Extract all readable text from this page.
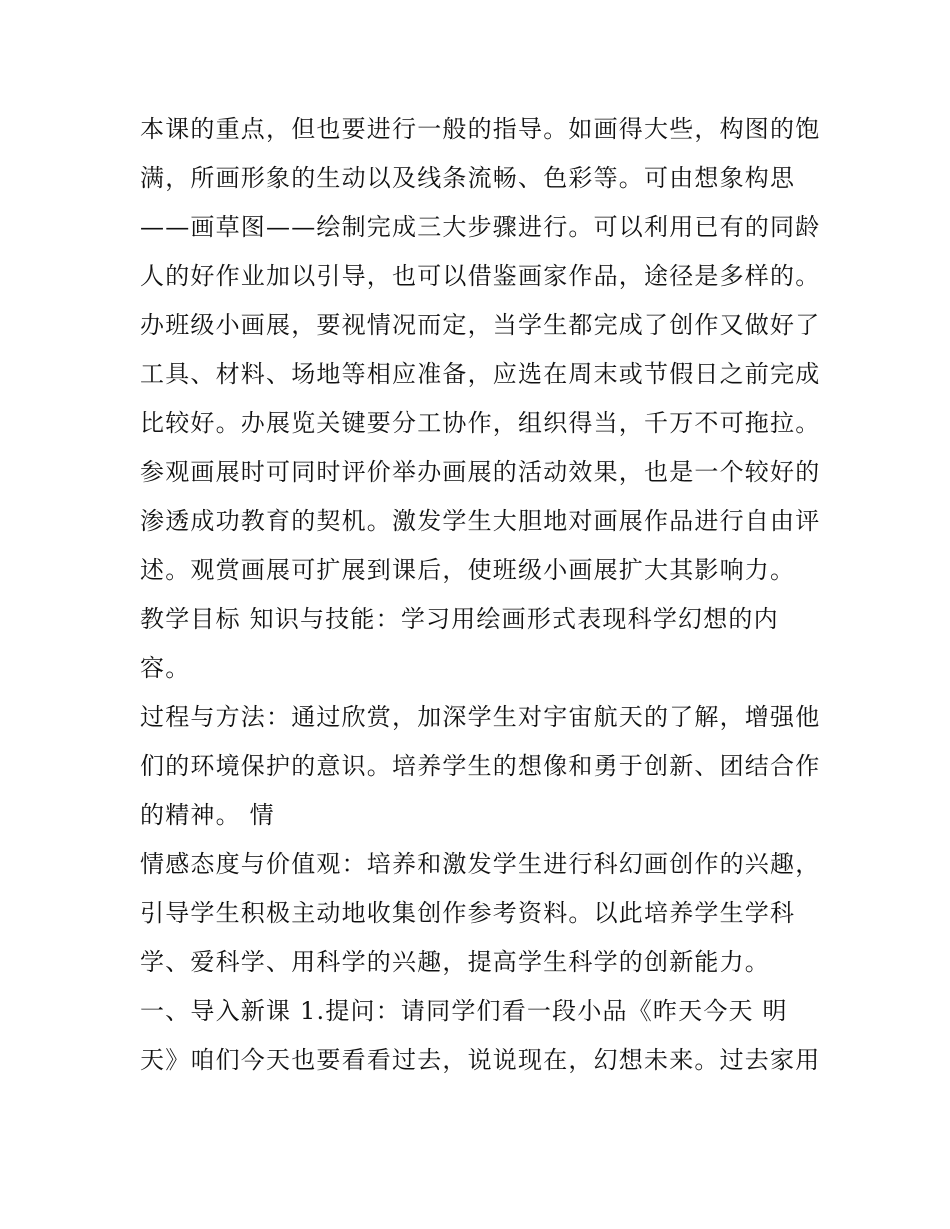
本课的重点，但也要进行一般的指导。如画得大些，构图的饱

满，所画形象的生动以及线条流畅、色彩等。可由想象构思

——画草图——绘制完成三大步骤进行。可以利用已有的同龄

人的好作业加以引导，也可以借鉴画家作品，途径是多样的。

办班级小画展，要视情况而定，当学生都完成了创作又做好了

工具、材料、场地等相应准备，应选在周末或节假日之前完成

比较好。办展览关键要分工协作，组织得当，千万不可拖拉。

参观画展时可同时评价举办画展的活动效果，也是一个较好的

渗透成功教育的契机。激发学生大胆地对画展作品进行自由评

述。观赏画展可扩展到课后，使班级小画展扩大其影响力。

教学目标 知识与技能：学习用绘画形式表现科学幻想的内

容。

过程与方法：通过欣赏，加深学生对宇宙航天的了解，增强他

们的环境保护的意识。培养学生的想像和勇于创新、团结合作

的精神。 情

情感态度与价值观：培养和激发学生进行科幻画创作的兴趣，

引导学生积极主动地收集创作参考资料。以此培养学生学科

学、爱科学、用科学的兴趣，提高学生科学的创新能力。

一、导入新课 1.提问：请同学们看一段小品《昨天今天 明

天》咱们今天也要看看过去，说说现在，幻想未来。过去家用
